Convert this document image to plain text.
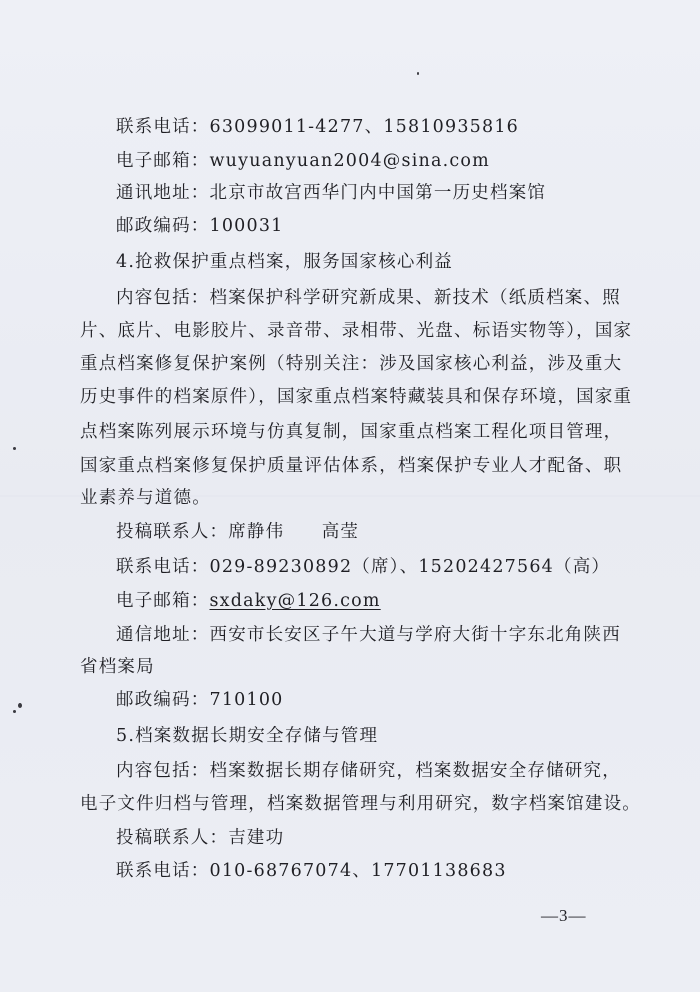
联系电话：63099011-4277、15810935816
电子邮箱：wuyuanyuan2004@sina.com
通讯地址：北京市故宫西华门内中国第一历史档案馆
邮政编码：100031
4.抢救保护重点档案，服务国家核心利益
内容包括：档案保护科学研究新成果、新技术（纸质档案、照
片、底片、电影胶片、录音带、录相带、光盘、标语实物等），国家
重点档案修复保护案例（特别关注：涉及国家核心利益，涉及重大
历史事件的档案原件），国家重点档案特藏装具和保存环境，国家重
点档案陈列展示环境与仿真复制，国家重点档案工程化项目管理，
国家重点档案修复保护质量评估体系，档案保护专业人才配备、职
业素养与道德。
投稿联系人：席静伟　　高莹
联系电话：029-89230892（席）、15202427564（高）
电子邮箱：sxdaky@126.com
通信地址：西安市长安区子午大道与学府大街十字东北角陕西
省档案局
邮政编码：710100
5.档案数据长期安全存储与管理
内容包括：档案数据长期存储研究，档案数据安全存储研究，
电子文件归档与管理，档案数据管理与利用研究，数字档案馆建设。
投稿联系人：吉建功
联系电话：010-68767074、17701138683
—3—
